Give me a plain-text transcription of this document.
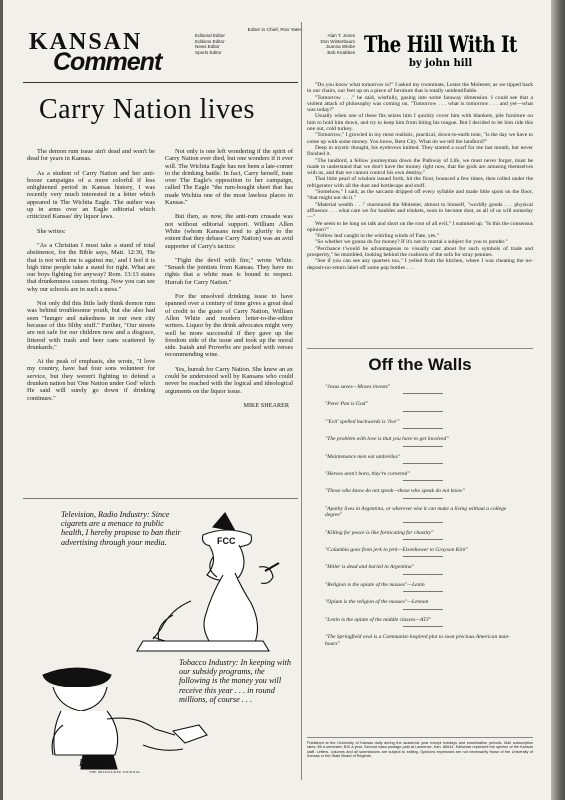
KANSAN
Comment
Editor in Chief, Ron Yates
Editorial Editor	Alan T. Jones
Editions Editor	Don Winterbaum
News Editor	Joanna Wiebe
Sports Editor	Bob Knabbes The Hill With It
by john hill
Carry Nation lives

The demon rum issue ain't dead and won't be dead for years in Kansas.

As a student of Carry Nation and her anti-booze campaigns of a more colorful if less enlightened period in Kansas history, I was recently very much interested in a letter which appeared in The Wichita Eagle. The author was up in arms over an Eagle editorial which criticized Kansas' dry liquor laws.

She writes:

"As a Christian I must take a stand of total abstinence, for the Bible says, Matt. 12:30, 'He that is not with me is against me,' and I feel it is high time people take a stand for right. What are our boys fighting for anyway? Rom. 13:13 states that drunkenness causes rioting. Now you can see why our schools are in such a mess."

Not only did this little lady think demon rum was behind troublesome youth, but she also had seen "hunger and nakedness in our own city because of this filthy stuff." Further, "Our streets are not safe for our children now and a disgrace, littered with trash and beer cans scattered by drunkards."

At the peak of emphasis, she wrote, "I love my country, have had four sons volunteer for service, but they weren't fighting to defend a drunken nation but 'One Nation under God' which He said will surely go down if drinking continues."

Not only is one left wondering if the spirit of Carry Nation ever died, but one wonders if it ever will. The Wichita Eagle has not been a late-comer to the drinking battle. In fact, Carry herself, irate over The Eagle's opposition to her campaign, called The Eagle "the rum-bought sheet that has made Wichita one of the most lawless places in Kansas."

But then, as now, the anti-rum crusade was not without editorial support. William Allen White (whom Kansans tend to glorify to the extent that they debase Carry Nation) was an avid supporter of Carry's tactics:

"Fight the devil with fire," wrote White. "Smash the jointists from Kansas. They have no rights that a white man is bound to respect. Hurrah for Carry Nation."

For the unsolved drinking issue to have spanned over a century of time gives a great deal of credit to the gusto of Carry Nation, William Allen White and modern letter-to-the-editor writers. Liquor by the drink advocates might very well be more successful if they gave up the freedom side of the issue and took up the moral side. Isaiah and Proverbs are packed with verses recommending wine.

Yes, hurrah for Carry Nation. She knew an ax could be understood well by Kansans who could never be reached with the logical and ideological arguments on the liquor issue.

MIKE SHEARER

"Do you know what tomorrow is?" I asked my roommate, Lester the Molester, as we tipped back in our chairs, our feet up on a piece of furniture that is totally unidentifiable.

"Tomorrow . . ." he said, wistfully, gazing into some faraway dimension. I could see that a violent attack of philosophy was coming on. "Tomorrow . . . what is tomorrow . . . and yet—what was today?"

Usually when one of these fits seizes him I quickly cover him with blankets, pile furniture on him to hold him down, and try to keep him from biting his tongue. But I decided to let him ride this one out, cold turkey.

"Tomorrow," I growled in my most realistic, practical, down-to-earth tone, "is the day we have to come up with some money. You know, Rent City. What do we tell the landlord?"

Deep in mystic thought, his eyebrows knitted. They started a scarf for me last month, but never finished it.

"The landlord, a fellow journeyman down the Pathway of Life, we must never forget, must be made to understand that we don't have the money right now, that the gods are amusing themselves with us, and that we cannot control his own destiny."

That little pearl of wisdom issued forth, hit the floor, bounced a few times, then rolled under the refrigerator with all the dust and bottlecaps and stuff.

"Somehow," I said, as the sarcasm dripped off every syllable and made little spots on the floor, "that might not do it."

"Material wealth . . ." murmured the Molester, almost to himself, "worldly goods . . . physical affluence . . . what care we for baubles and trinkets, soon to become dust, as all of us will someday—"

We seem to be long on talk and short on the root of all evil," I summed up. "Is this the consensus opinion?"

"Fellow leaf caught in the whirling winds of Fate, yes."

"So whether we gonna do for money? If it's not to mortal a subject for you to ponder."

"Perchance t'would be advantageous to visually cast about for such symbols of trade and prosperity," he mumbled, looking behind the cushions of the sofa for stray pennies.

"See if you can see any quarters too," I yelled from the kitchen, where I was cheating the no-deposit-no-return label off some pop bottles . . .

Off the Walls
"Jesus saves—Moses invests"
"Peter Pan is God"
"'Evil' spelled backwards is 'live'"
"The problem with love is that you have to get involved"
"Maintenance men eat umbrellas"
"Heroes aren't born, they're cornered"
"Those who know do not speak—those who speak do not know"
"Apathy lives in Argentina, or wherever else it can make a living without a college degree"
"Killing for peace is like fornicating for chastity"
"Columbia goes from jerk to jerk—Eisenhower to Grayson Kirk"
"Hitler is dead and buried in Argentina"
"Religion is the opiate of the masses"—Lenin
"Opium is the religion of the masses"—Lennon
"Lenin is the opiate of the middle classes—ATJ"
"The Springfield oval is a Communist-inspired plot to swat precious American man-hours"
Published at the University of Kansas daily during the academic year except holidays and examination periods. Mail subscription rates: $5 a semester, $10 a year. Second class postage paid at Lawrence, Kan. 66044. Editorials represent the opinion of the Kansan staff. Letters, columns and all submissions are subject to editing. Opinions expressed are not necessarily those of the University of Kansas or the State Board of Regents.
FCC
Television, Radio Industry: Since cigarets are a menace to public health, I hereby propose to ban their advertising through your media.
Tobacco Industry: In keeping with our subsidy programs, the following is the money you will receive this year . . . in round millions, of course . . .
Lewis
THE MILWAUKEE JOURNAL
